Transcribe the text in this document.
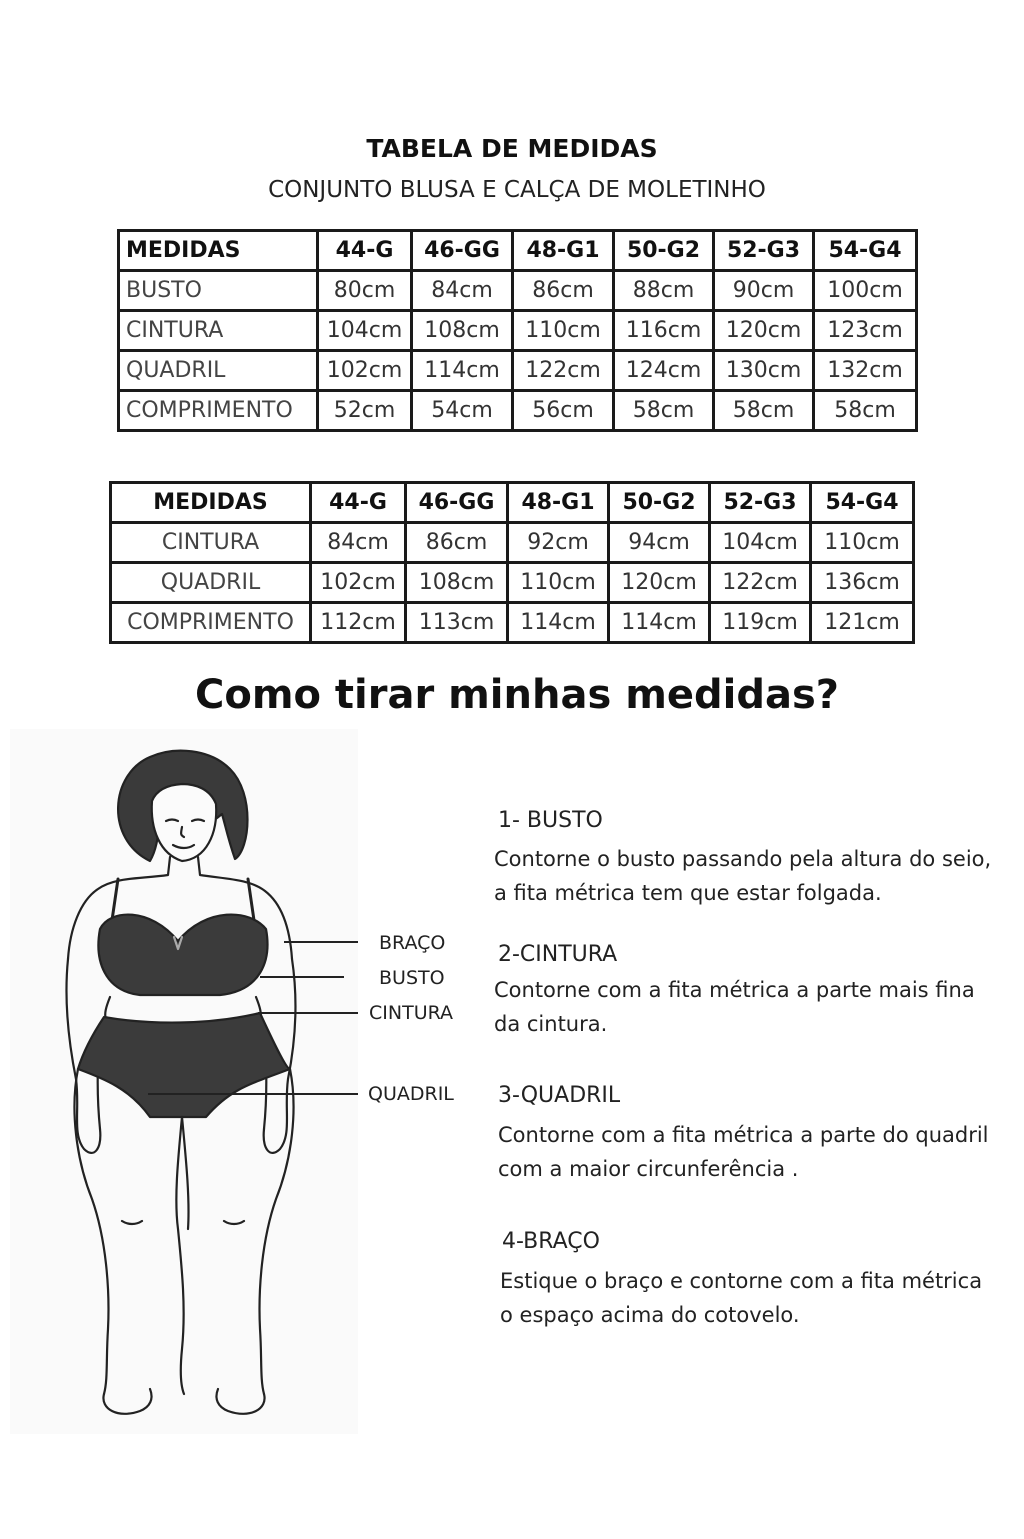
TABELA DE MEDIDAS
CONJUNTO BLUSA E CALÇA DE MOLETINHO
MEDIDAS	44-G	46-GG	48-G1	50-G2	52-G3	54-G4
BUSTO	80cm	84cm	86cm	88cm	90cm	100cm
CINTURA	104cm	108cm	110cm	116cm	120cm	123cm
QUADRIL	102cm	114cm	122cm	124cm	130cm	132cm
COMPRIMENTO	52cm	54cm	56cm	58cm	58cm	58cm
MEDIDAS	44-G	46-GG	48-G1	50-G2	52-G3	54-G4
CINTURA	84cm	86cm	92cm	94cm	104cm	110cm
QUADRIL	102cm	108cm	110cm	120cm	122cm	136cm
COMPRIMENTO	112cm	113cm	114cm	114cm	119cm	121cm
Como tirar minhas medidas?
BRAÇO
BUSTO
CINTURA
QUADRIL
1- BUSTO
Contorne o busto passando pela altura do seio, a fita métrica tem que estar folgada.
2-CINTURA
Contorne com a fita métrica a parte mais fina da cintura.
3-QUADRIL
Contorne com a fita métrica a parte do quadril com a maior circunferência .
4-BRAÇO
Estique o braço e contorne com a fita métrica o espaço acima do cotovelo.
